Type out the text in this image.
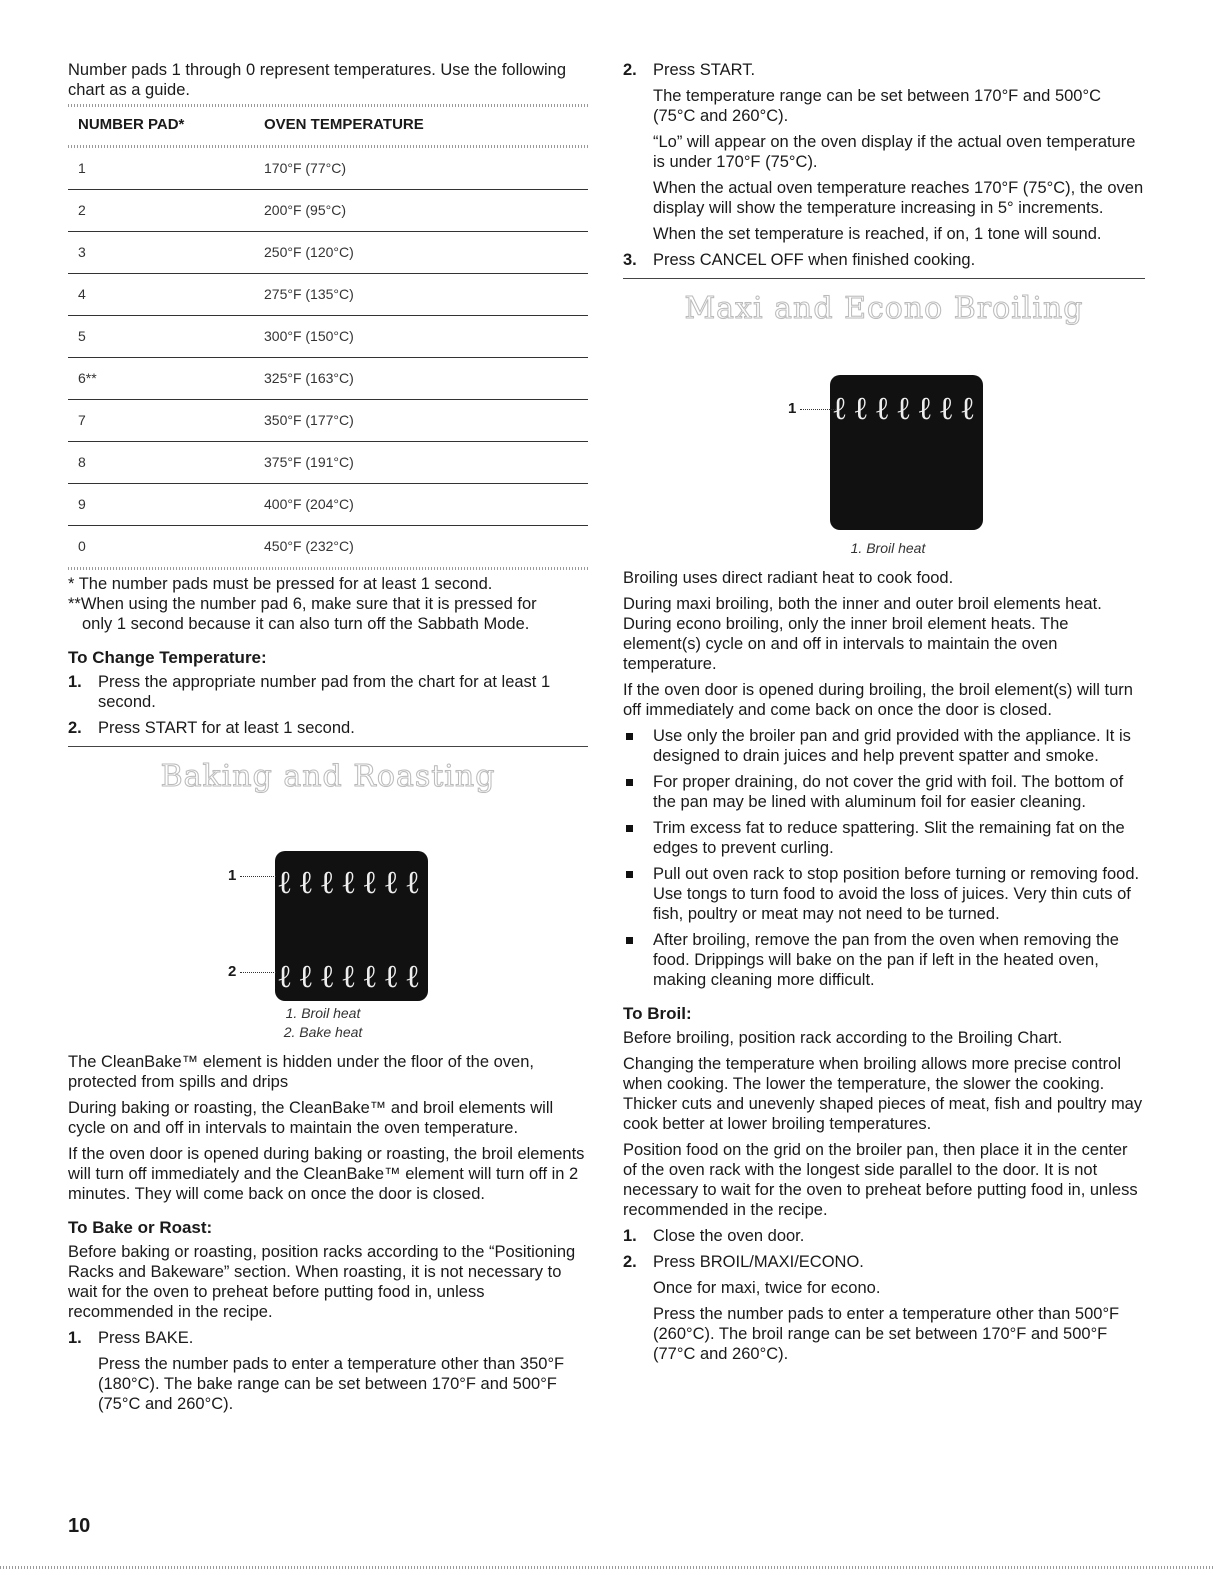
Number pads 1 through 0 represent temperatures. Use the following chart as a guide.

NUMBER PAD*	OVEN TEMPERATURE

1	170°F (77°C)
2	200°F (95°C)
3	250°F (120°C)
4	275°F (135°C)
5	300°F (150°C)
6**	325°F (163°C)
7	350°F (177°C)
8	375°F (191°C)
9	400°F (204°C)
0	450°F (232°C)

* The number pads must be pressed for at least 1 second.

**When using the number pad 6, make sure that it is pressed for

only 1 second because it can also turn off the Sabbath Mode.

To Change Temperature:
1. Press the appropriate number pad from the chart for at least 1 second.
2. Press START for at least 1 second.
Baking and Roasting
ℓℓℓℓℓℓℓ
ℓℓℓℓℓℓℓ
1
2
1. Broil heat
2. Bake heat

The CleanBake™ element is hidden under the floor of the oven, protected from spills and drips

During baking or roasting, the CleanBake™ and broil elements will cycle on and off in intervals to maintain the oven temperature.

If the oven door is opened during baking or roasting, the broil elements will turn off immediately and the CleanBake™ element will turn off in 2 minutes. They will come back on once the door is closed.

To Bake or Roast:

Before baking or roasting, position racks according to the “Positioning Racks and Bakeware” section. When roasting, it is not necessary to wait for the oven to preheat before putting food in, unless recommended in the recipe.

1. Press BAKE.

Press the number pads to enter a temperature other than 350°F (180°C). The bake range can be set between 170°F and 500°F (75°C and 260°C).

2. Press START.

The temperature range can be set between 170°F and 500°C (75°C and 260°C).

“Lo” will appear on the oven display if the actual oven temperature is under 170°F (75°C).

When the actual oven temperature reaches 170°F (75°C), the oven display will show the temperature increasing in 5° increments.

When the set temperature is reached, if on, 1 tone will sound.

3. Press CANCEL OFF when finished cooking.
Maxi and Econo Broiling
ℓℓℓℓℓℓℓ
1
1. Broil heat

Broiling uses direct radiant heat to cook food.

During maxi broiling, both the inner and outer broil elements heat. During econo broiling, only the inner broil element heats. The element(s) cycle on and off in intervals to maintain the oven temperature.

If the oven door is opened during broiling, the broil element(s) will turn off immediately and come back on once the door is closed.

Use only the broiler pan and grid provided with the appliance. It is designed to drain juices and help prevent spatter and smoke.
For proper draining, do not cover the grid with foil. The bottom of the pan may be lined with aluminum foil for easier cleaning.
Trim excess fat to reduce spattering. Slit the remaining fat on the edges to prevent curling.
Pull out oven rack to stop position before turning or removing food. Use tongs to turn food to avoid the loss of juices. Very thin cuts of fish, poultry or meat may not need to be turned.
After broiling, remove the pan from the oven when removing the food. Drippings will bake on the pan if left in the heated oven, making cleaning more difficult.
To Broil:

Before broiling, position rack according to the Broiling Chart.

Changing the temperature when broiling allows more precise control when cooking. The lower the temperature, the slower the cooking. Thicker cuts and unevenly shaped pieces of meat, fish and poultry may cook better at lower broiling temperatures.

Position food on the grid on the broiler pan, then place it in the center of the oven rack with the longest side parallel to the door. It is not necessary to wait for the oven to preheat before putting food in, unless recommended in the recipe.

1. Close the oven door.
2. Press BROIL/MAXI/ECONO.

Once for maxi, twice for econo.

Press the number pads to enter a temperature other than 500°F (260°C). The broil range can be set between 170°F and 500°F (77°C and 260°C).

10
